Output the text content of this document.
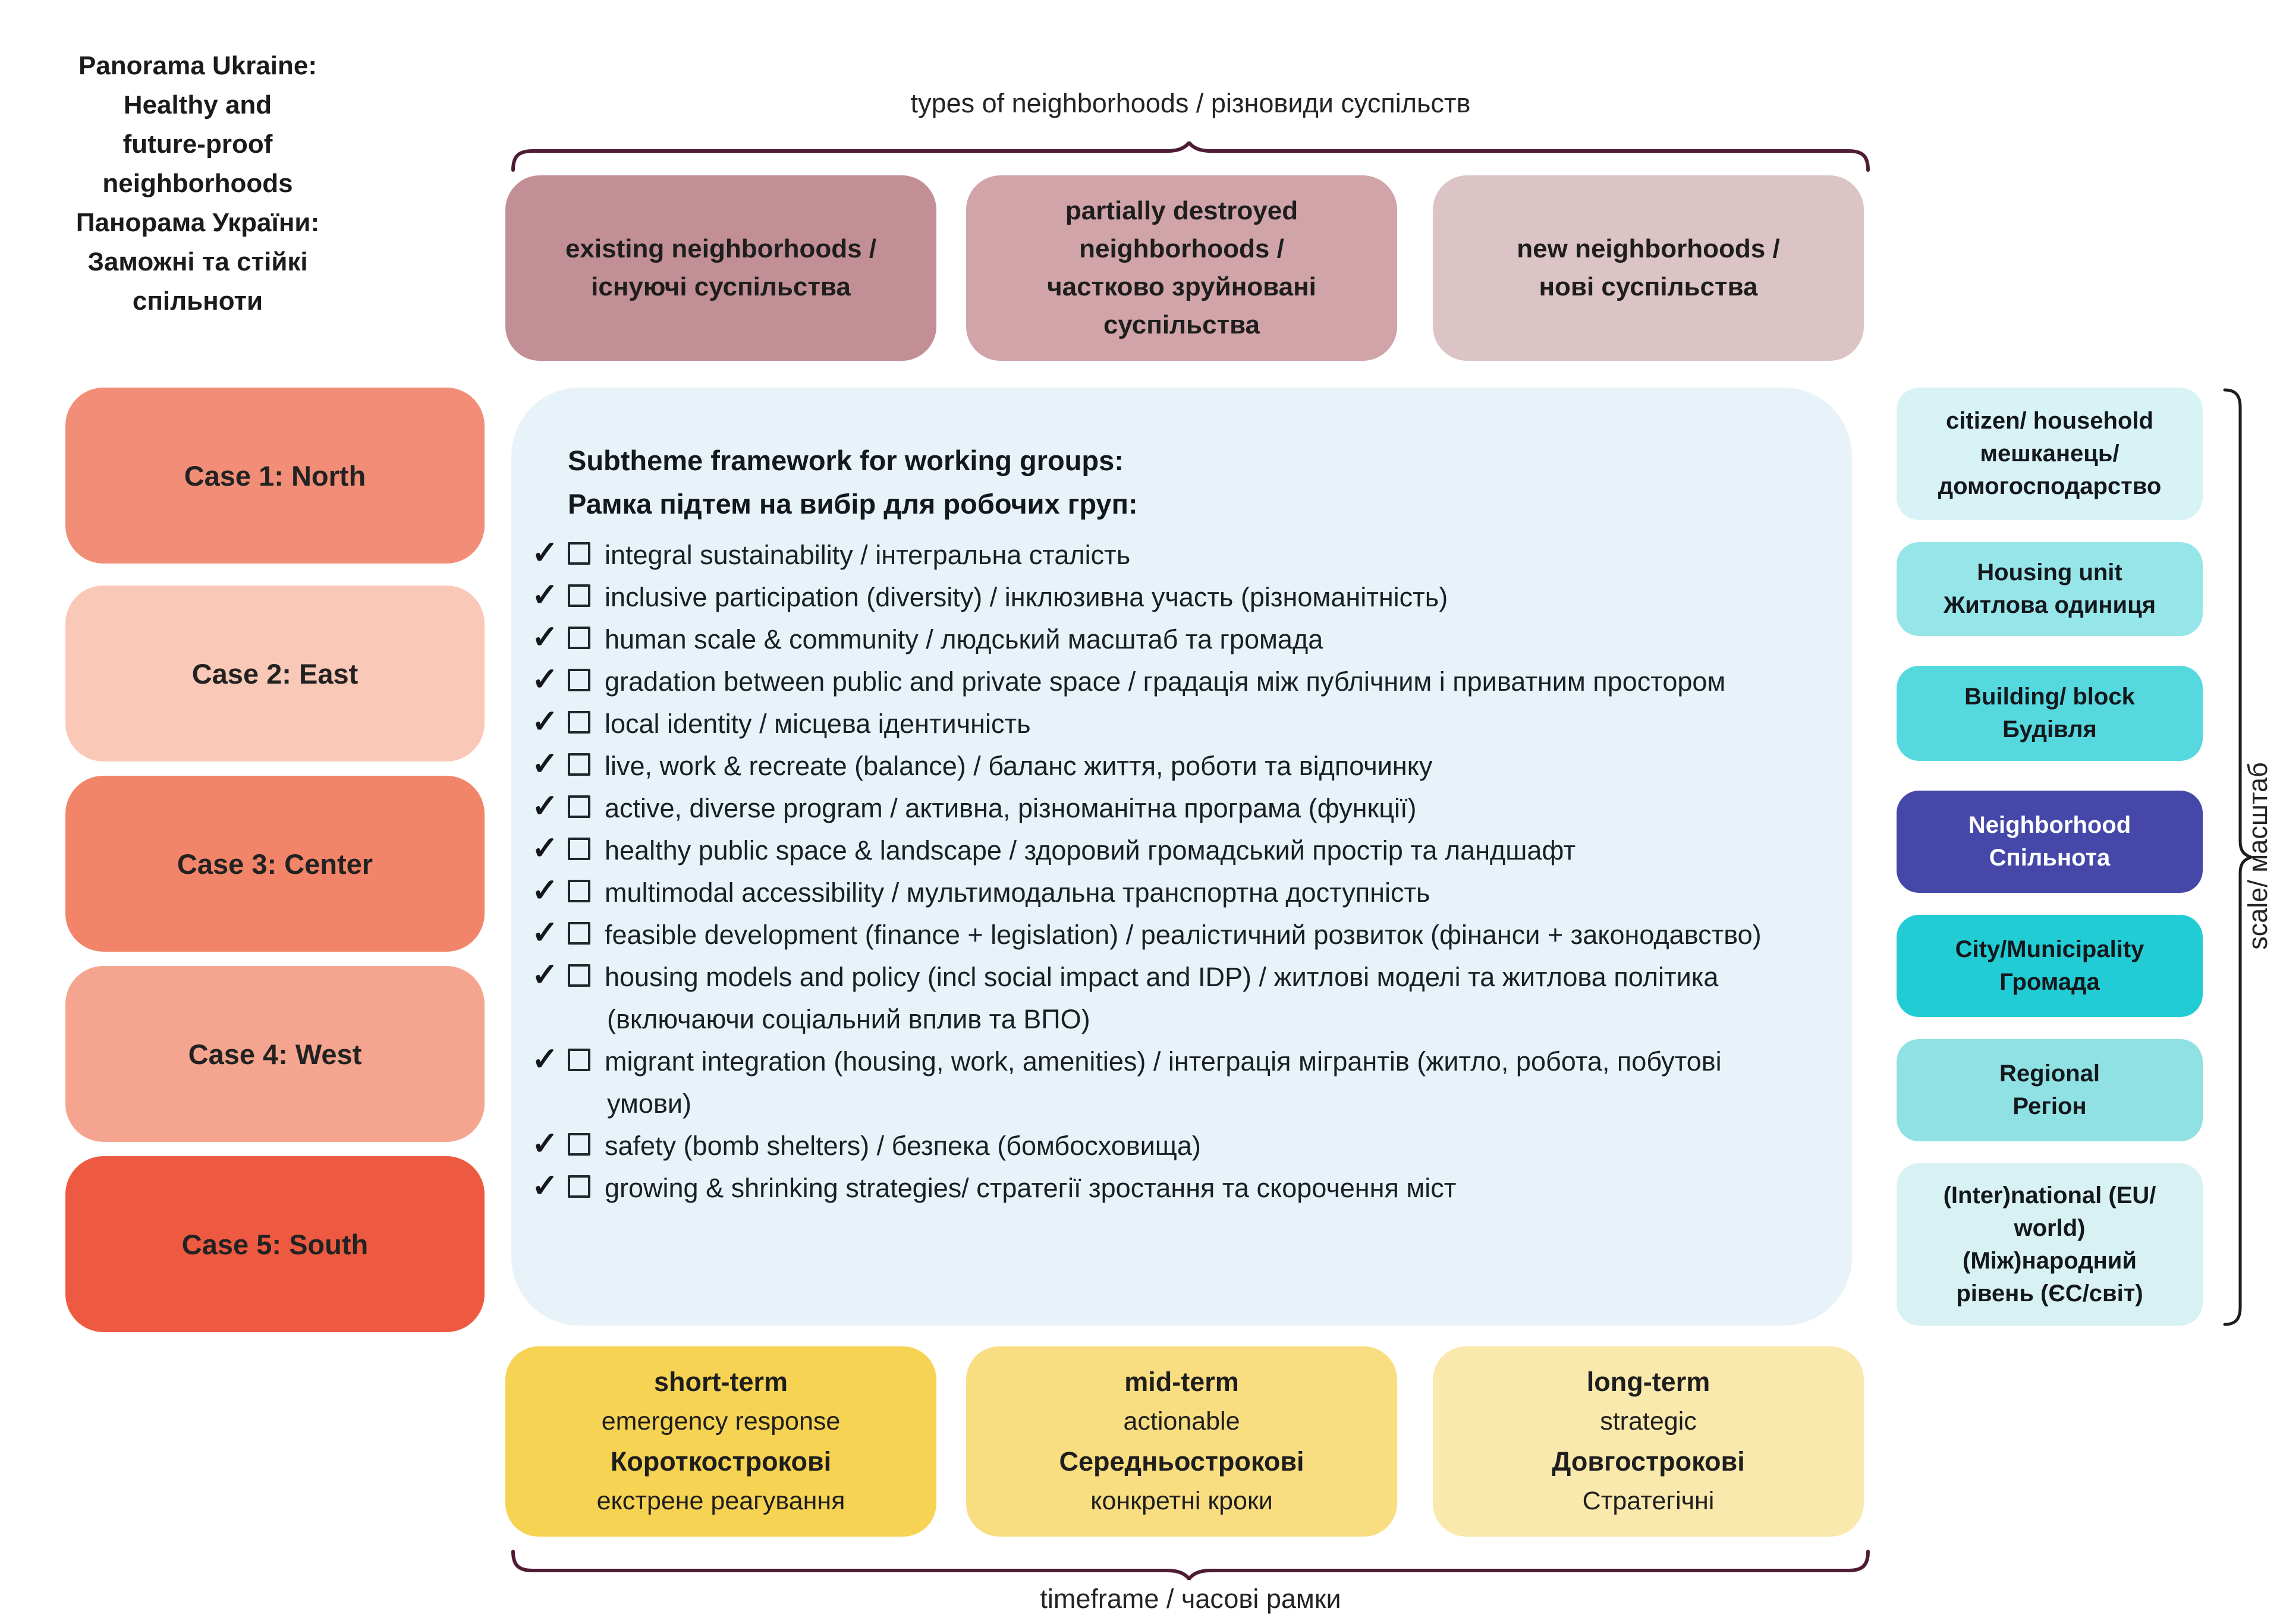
Panorama Ukraine:
Healthy and
future-proof
neighborhoods
Панорама України:
Заможні та стійкі
спільноти
types of neighborhoods / різновиди суспільств
existing neighborhoods /
існуючі суспільства
partially destroyed
neighborhoods /
частково зруйновані
суспільства
new neighborhoods /
нові суспільства
Case 1: North
Case 2: East
Case 3: Center
Case 4: West
Case 5: South
Subtheme framework for working groups:
Рамка підтем на вибір для робочих груп:
✓	integral sustainability / інтегральна сталість
✓	inclusive participation (diversity) / інклюзивна участь (різноманітність)
✓	human scale & community / людський масштаб та громада
✓	gradation between public and private space / градація між публічним і приватним простором
✓	local identity / місцева ідентичність
✓	live, work & recreate (balance) / баланс життя, роботи та відпочинку
✓	active, diverse program / активна, різноманітна програма (функції)
✓	healthy public space & landscape / здоровий громадський простір та ландшафт
✓	multimodal accessibility / мультимодальна транспортна доступність
✓	feasible development (finance + legislation) / реалістичний розвиток (фінанси + законодавство)
✓	housing models and policy (incl social impact and IDP) / житлові моделі та житлова політика (включаючи соціальний вплив та ВПО)
✓	migrant integration (housing, work, amenities) / інтеграція мігрантів (житло, робота, побутові умови)
✓	safety (bomb shelters) / безпека (бомбосховища)
✓	growing & shrinking strategies/ стратегії зростання та скорочення міст
citizen/ household
мешканець/
домогосподарство
Housing unit
Житлова одиниця
Building/ block
Будівля
Neighborhood
Спільнота
City/Municipality
Громада
Regional
Регіон
(Inter)national (EU/
world)
(Між)народний
рівень (ЄС/світ)
scale/ масштаб
short-term
emergency response
Короткострокові
екстрене реагування
mid-term
actionable
Середньострокові
конкретні кроки
long-term
strategic
Довгострокові
Стратегічні
timeframe / часові рамки
